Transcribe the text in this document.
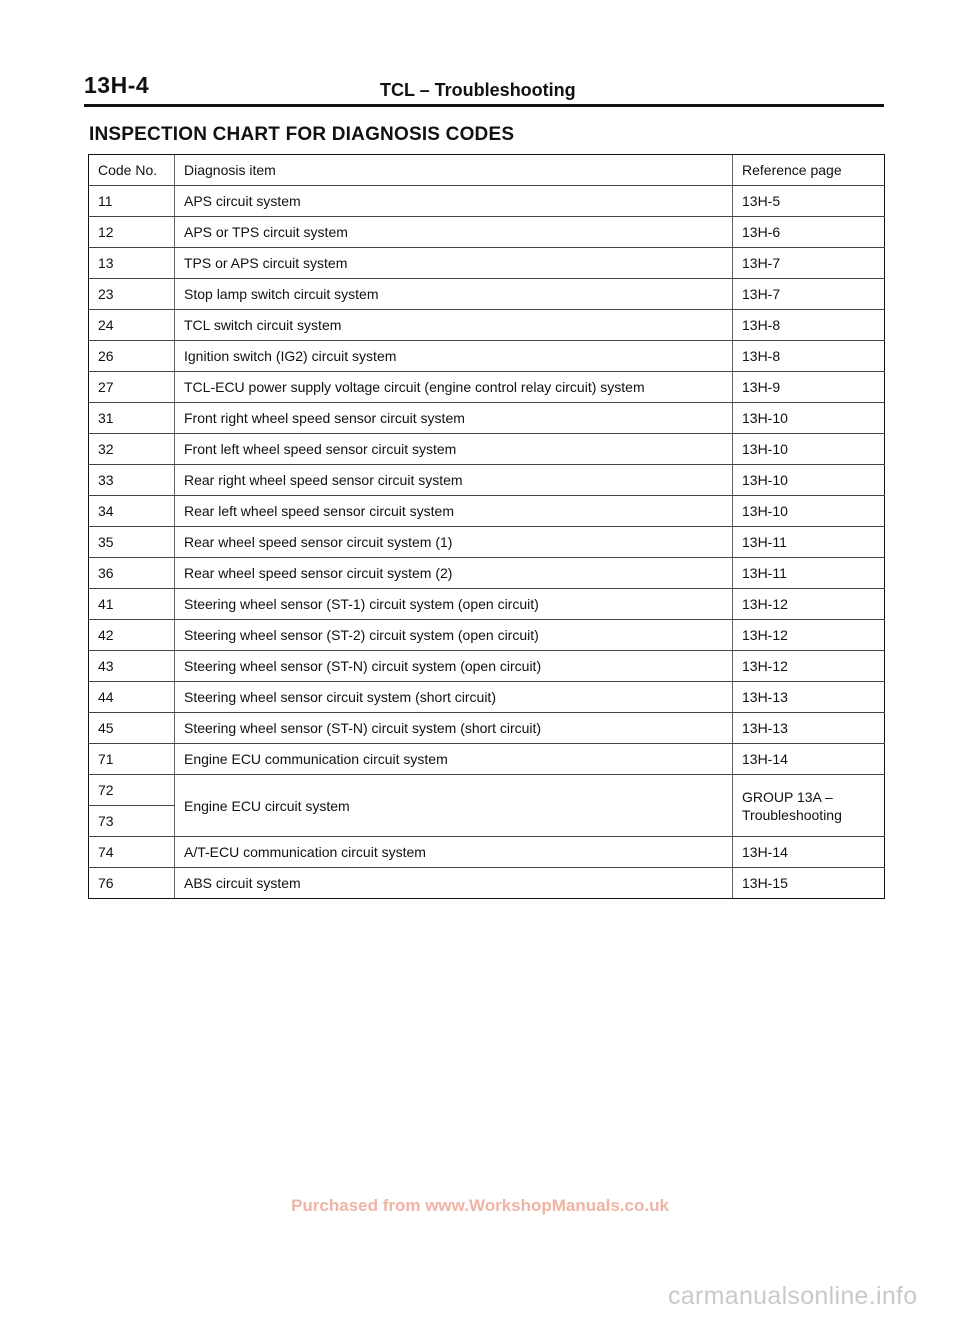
13H-4	TCL – Troubleshooting
INSPECTION CHART FOR DIAGNOSIS CODES
Code No.	Diagnosis item	Reference page
11	APS circuit system	13H-5
12	APS or TPS circuit system	13H-6
13	TPS or APS circuit system	13H-7
23	Stop lamp switch circuit system	13H-7
24	TCL switch circuit system	13H-8
26	Ignition switch (IG2) circuit system	13H-8
27	TCL-ECU power supply voltage circuit (engine control relay circuit) system	13H-9
31	Front right wheel speed sensor circuit system	13H-10
32	Front left wheel speed sensor circuit system	13H-10
33	Rear right wheel speed sensor circuit system	13H-10
34	Rear left wheel speed sensor circuit system	13H-10
35	Rear wheel speed sensor circuit system (1)	13H-11
36	Rear wheel speed sensor circuit system (2)	13H-11
41	Steering wheel sensor (ST-1) circuit system (open circuit)	13H-12
42	Steering wheel sensor (ST-2) circuit system (open circuit)	13H-12
43	Steering wheel sensor (ST-N) circuit system (open circuit)	13H-12
44	Steering wheel sensor circuit system (short circuit)	13H-13
45	Steering wheel sensor (ST-N) circuit system (short circuit)	13H-13
71	Engine ECU communication circuit system	13H-14
72	Engine ECU circuit system	GROUP 13A –
Troubleshooting

73		
74	A/T-ECU communication circuit system	13H-14
76	ABS circuit system	13H-15
Purchased from www.WorkshopManuals.co.uk
carmanualsonline.info
